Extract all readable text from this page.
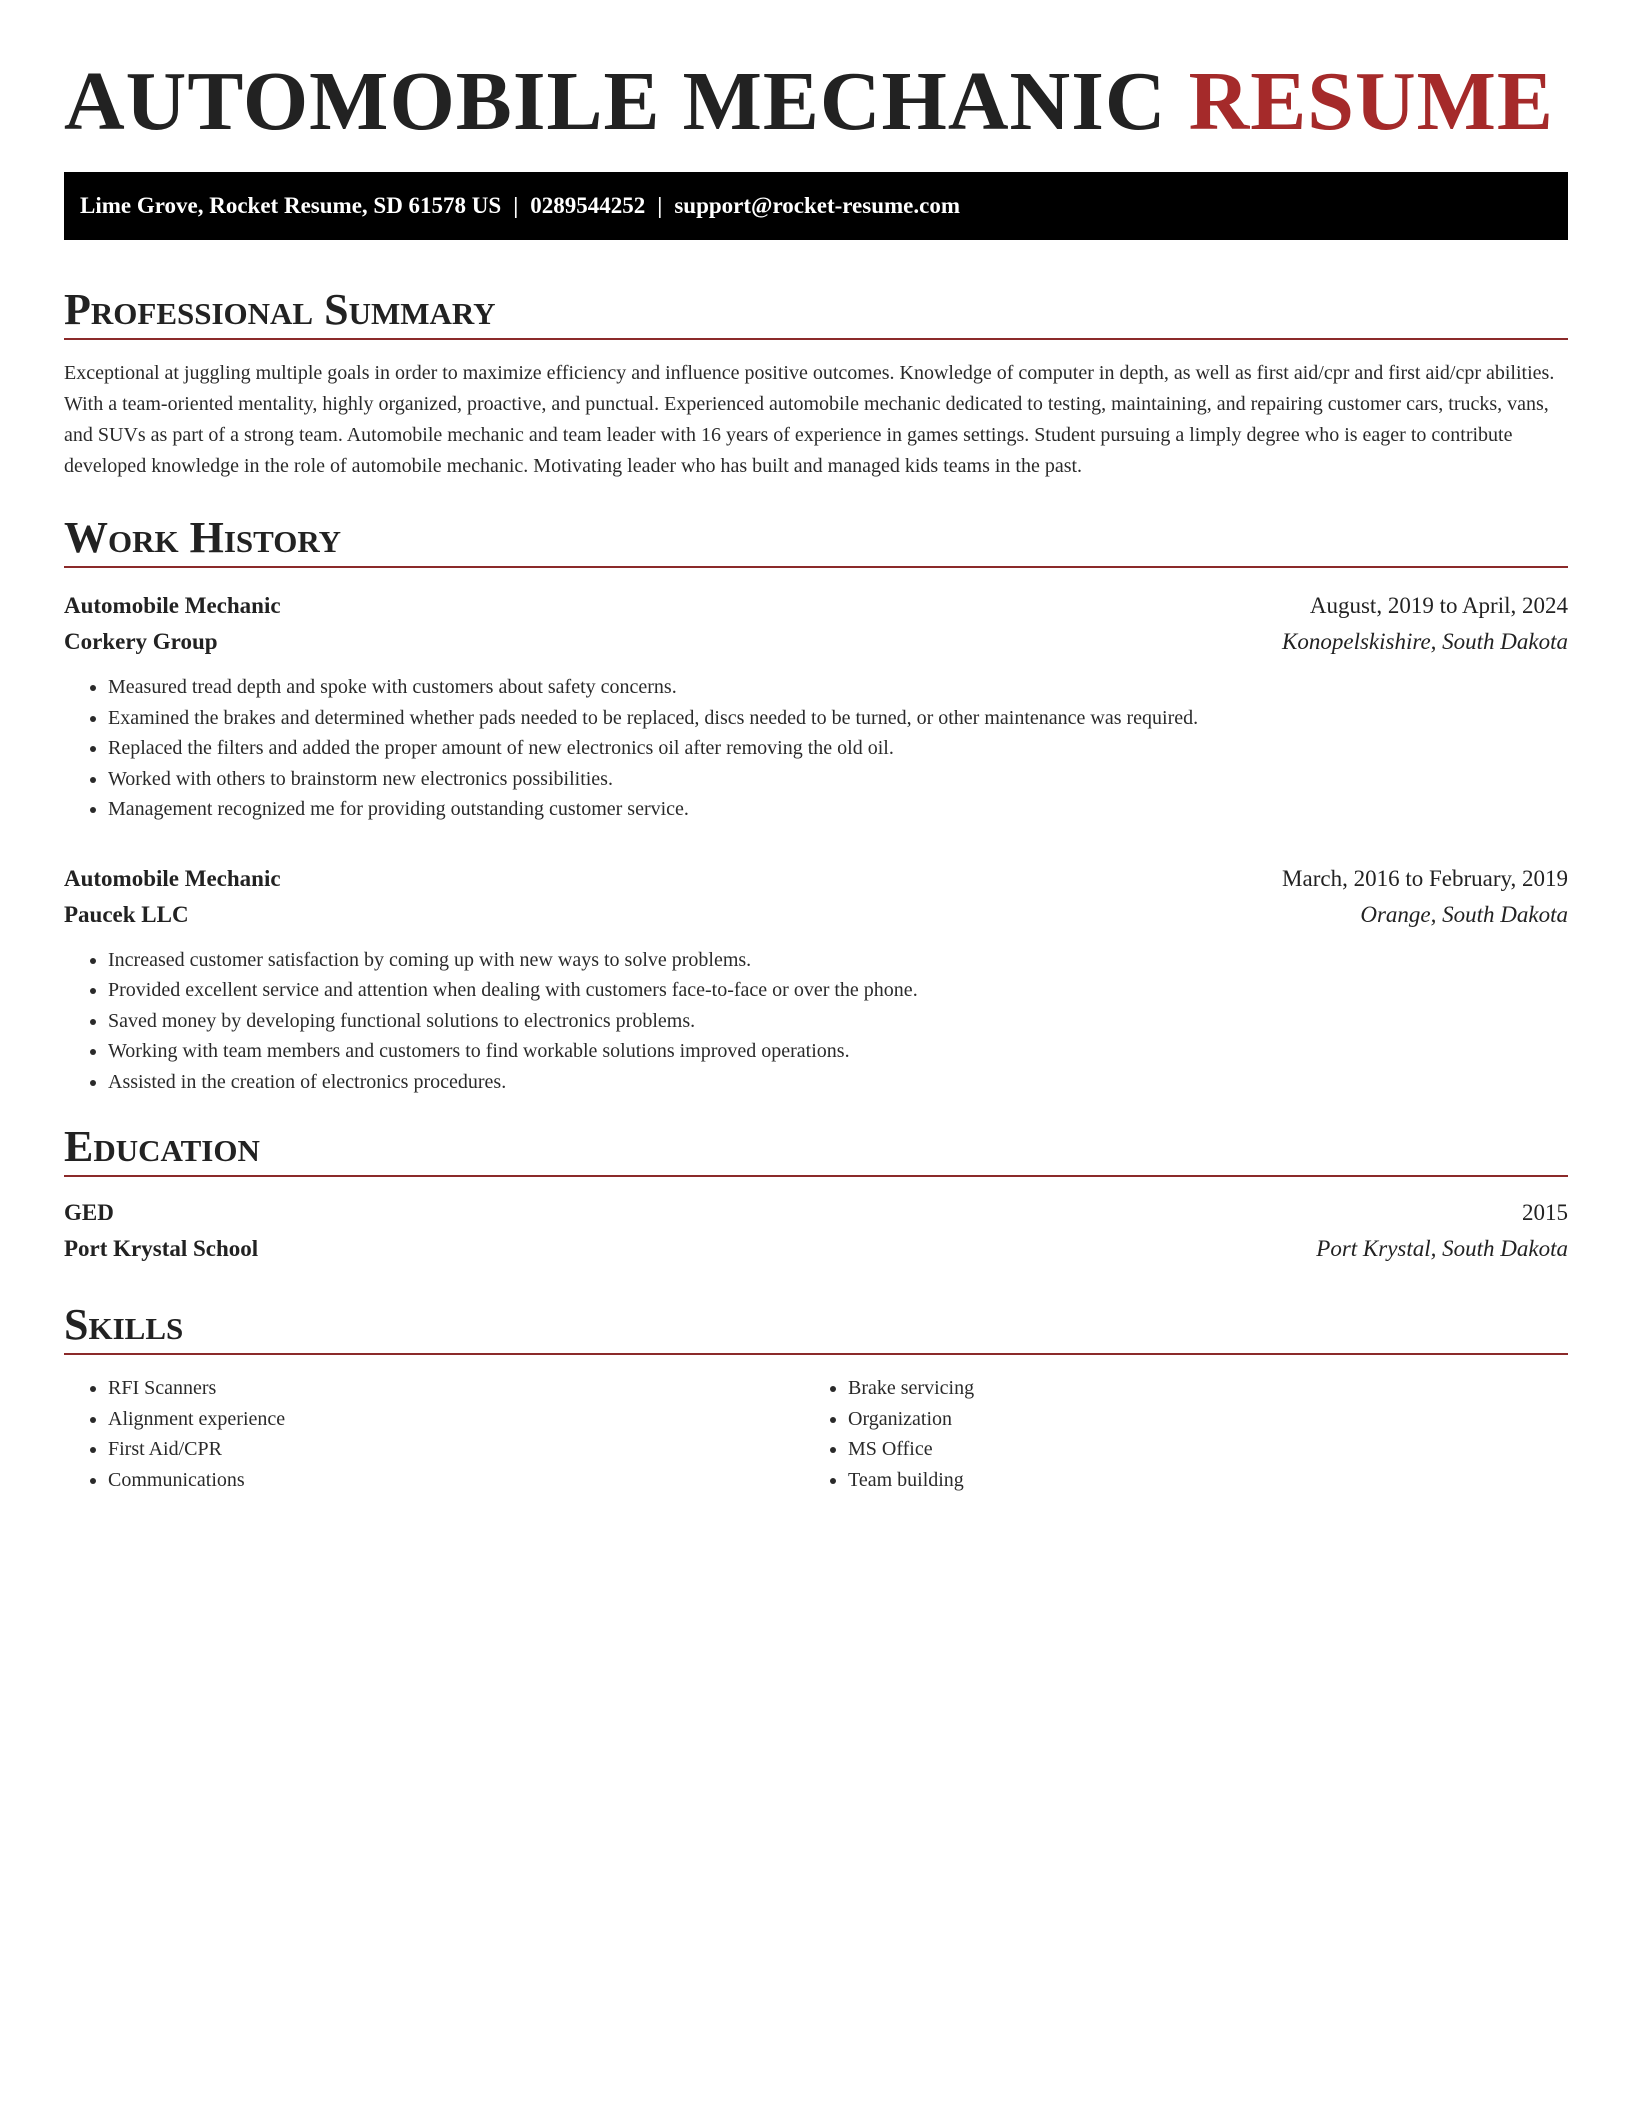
AUTOMOBILE MECHANIC RESUME
Lime Grove, Rocket Resume, SD 61578 US | 0289544252 | support@rocket-resume.com
Professional Summary

Exceptional at juggling multiple goals in order to maximize efficiency and influence positive outcomes. Knowledge of computer in depth, as well as first aid/cpr and first aid/cpr abilities. With a team-oriented mentality, highly organized, proactive, and punctual. Experienced automobile mechanic dedicated to testing, maintaining, and repairing customer cars, trucks, vans, and SUVs as part of a strong team. Automobile mechanic and team leader with 16 years of experience in games settings. Student pursuing a limply degree who is eager to contribute developed knowledge in the role of automobile mechanic. Motivating leader who has built and managed kids teams in the past.

Work History
Automobile Mechanic	August, 2019 to April, 2024
Corkery Group	Konopelskishire, South Dakota
• Measured tread depth and spoke with customers about safety concerns.
• Examined the brakes and determined whether pads needed to be replaced, discs needed to be turned, or other maintenance was required.
• Replaced the filters and added the proper amount of new electronics oil after removing the old oil.
• Worked with others to brainstorm new electronics possibilities.
• Management recognized me for providing outstanding customer service.
Automobile Mechanic	March, 2016 to February, 2019
Paucek LLC	Orange, South Dakota
• Increased customer satisfaction by coming up with new ways to solve problems.
• Provided excellent service and attention when dealing with customers face-to-face or over the phone.
• Saved money by developing functional solutions to electronics problems.
• Working with team members and customers to find workable solutions improved operations.
• Assisted in the creation of electronics procedures.
Education
GED	2015
Port Krystal School	Port Krystal, South Dakota
Skills
• RFI Scanners
• Alignment experience
• First Aid/CPR
• Communications
• Brake servicing
• Organization
• MS Office
• Team building
